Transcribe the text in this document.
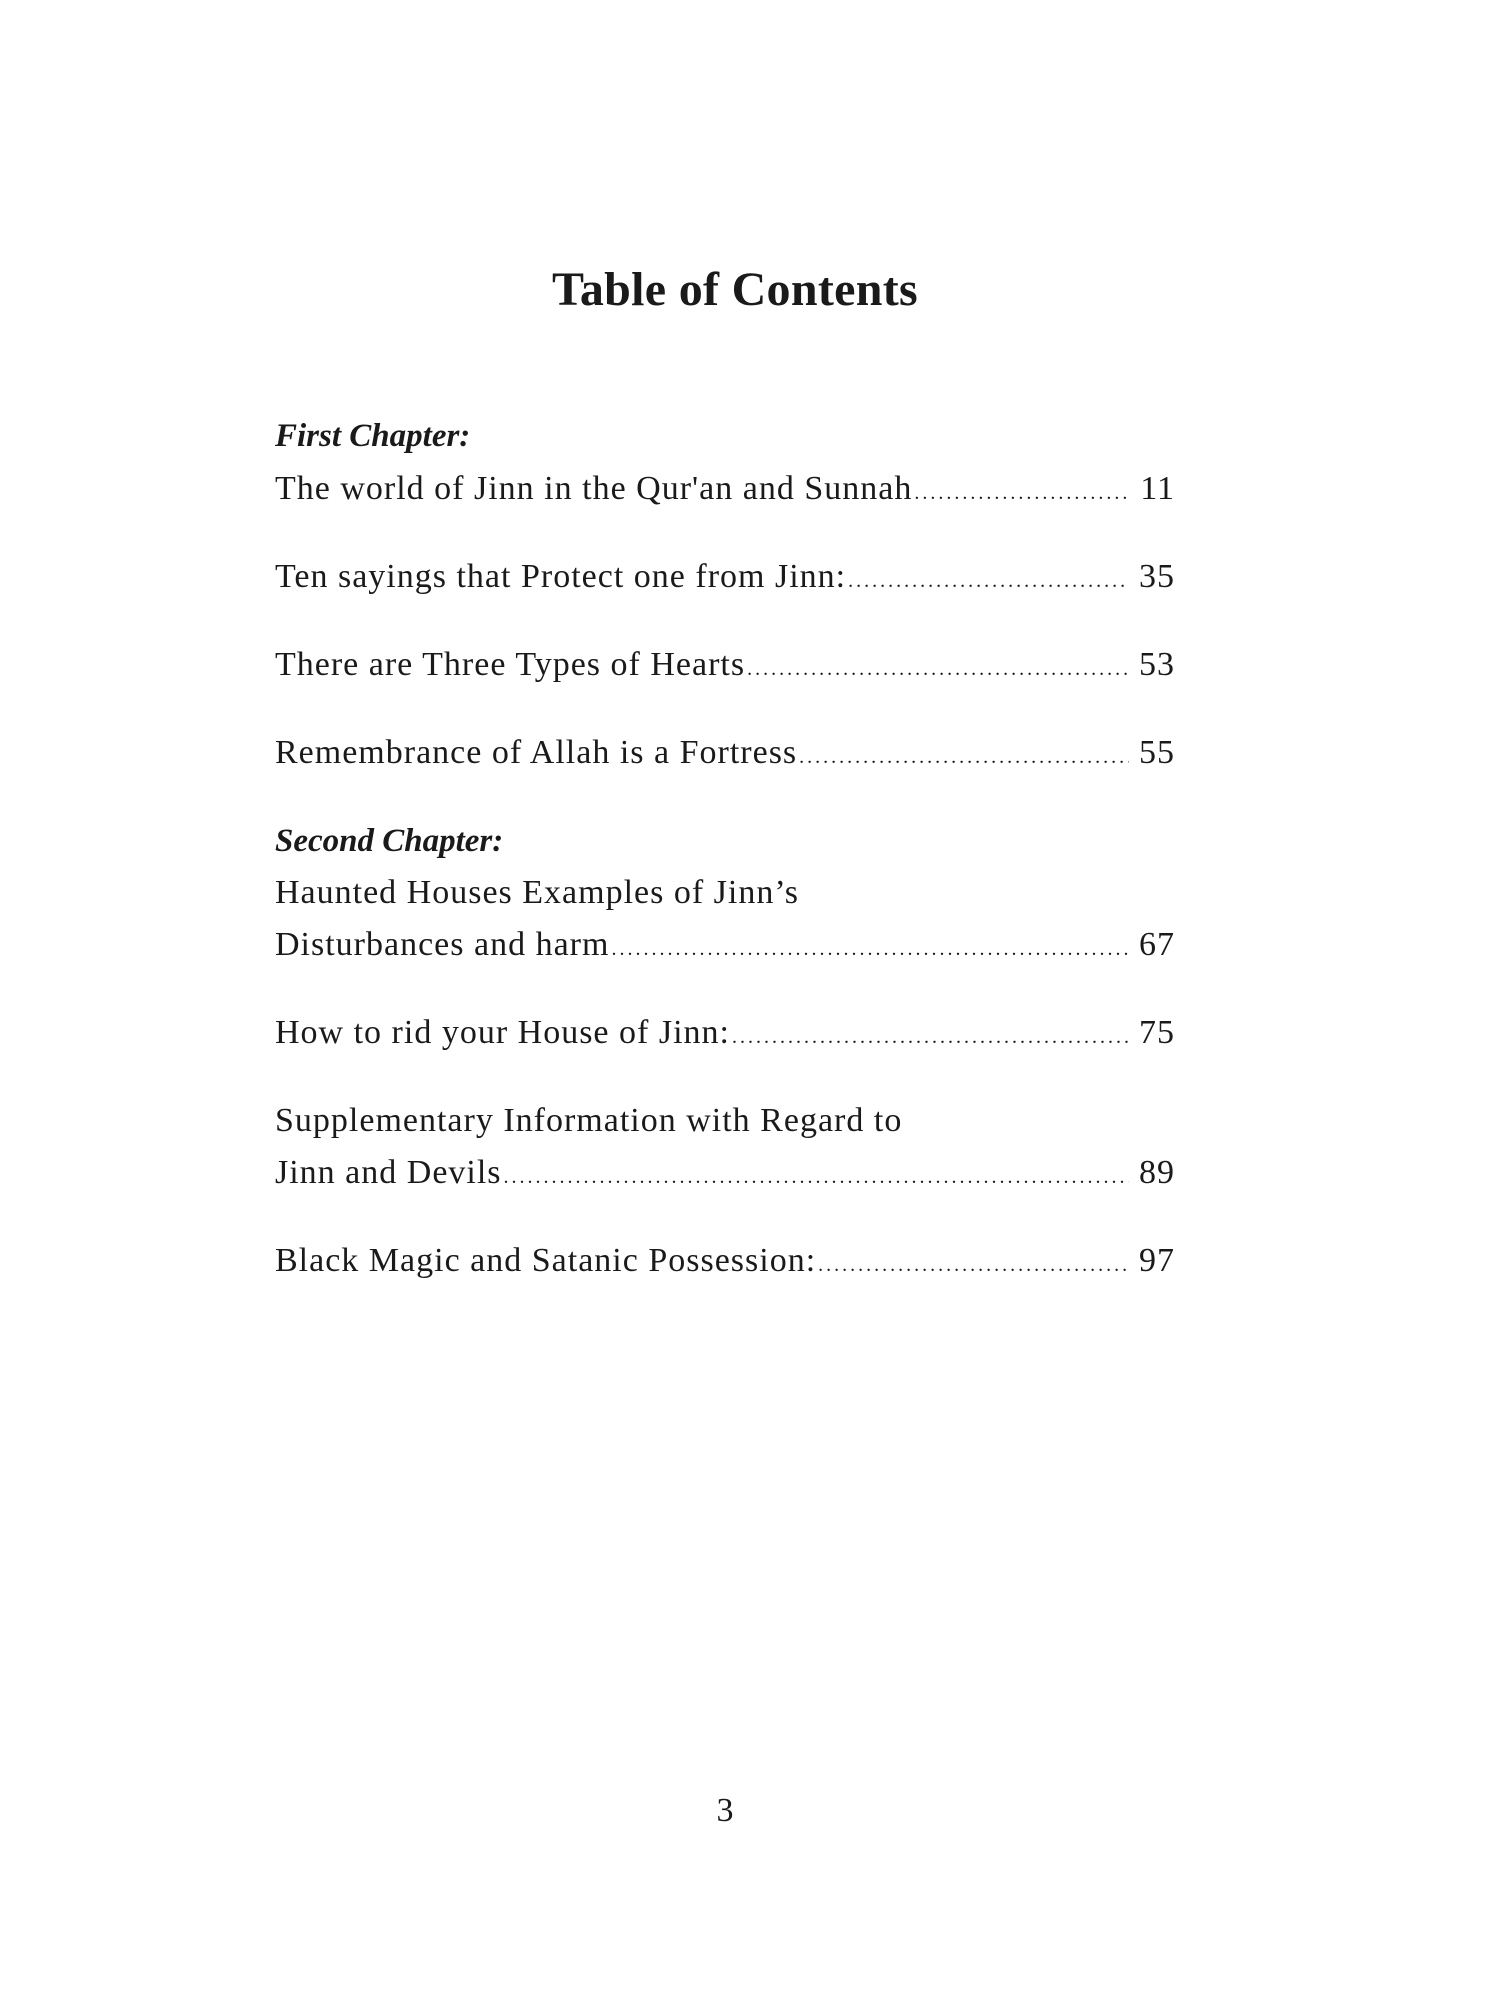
Table of Contents
First Chapter:
The world of Jinn in the Qur'an and Sunnah .....	11
Ten sayings that Protect one from Jinn: .....	35
There are Three Types of Hearts .....	53
Remembrance of Allah is a Fortress .....	55
Second Chapter:
Haunted Houses Examples of Jinn’s
Disturbances and harm .....	67
How to rid your House of Jinn: .....	75
Supplementary Information with Regard to
Jinn and Devils .....	89
Black Magic and Satanic Possession: .....	97
3
